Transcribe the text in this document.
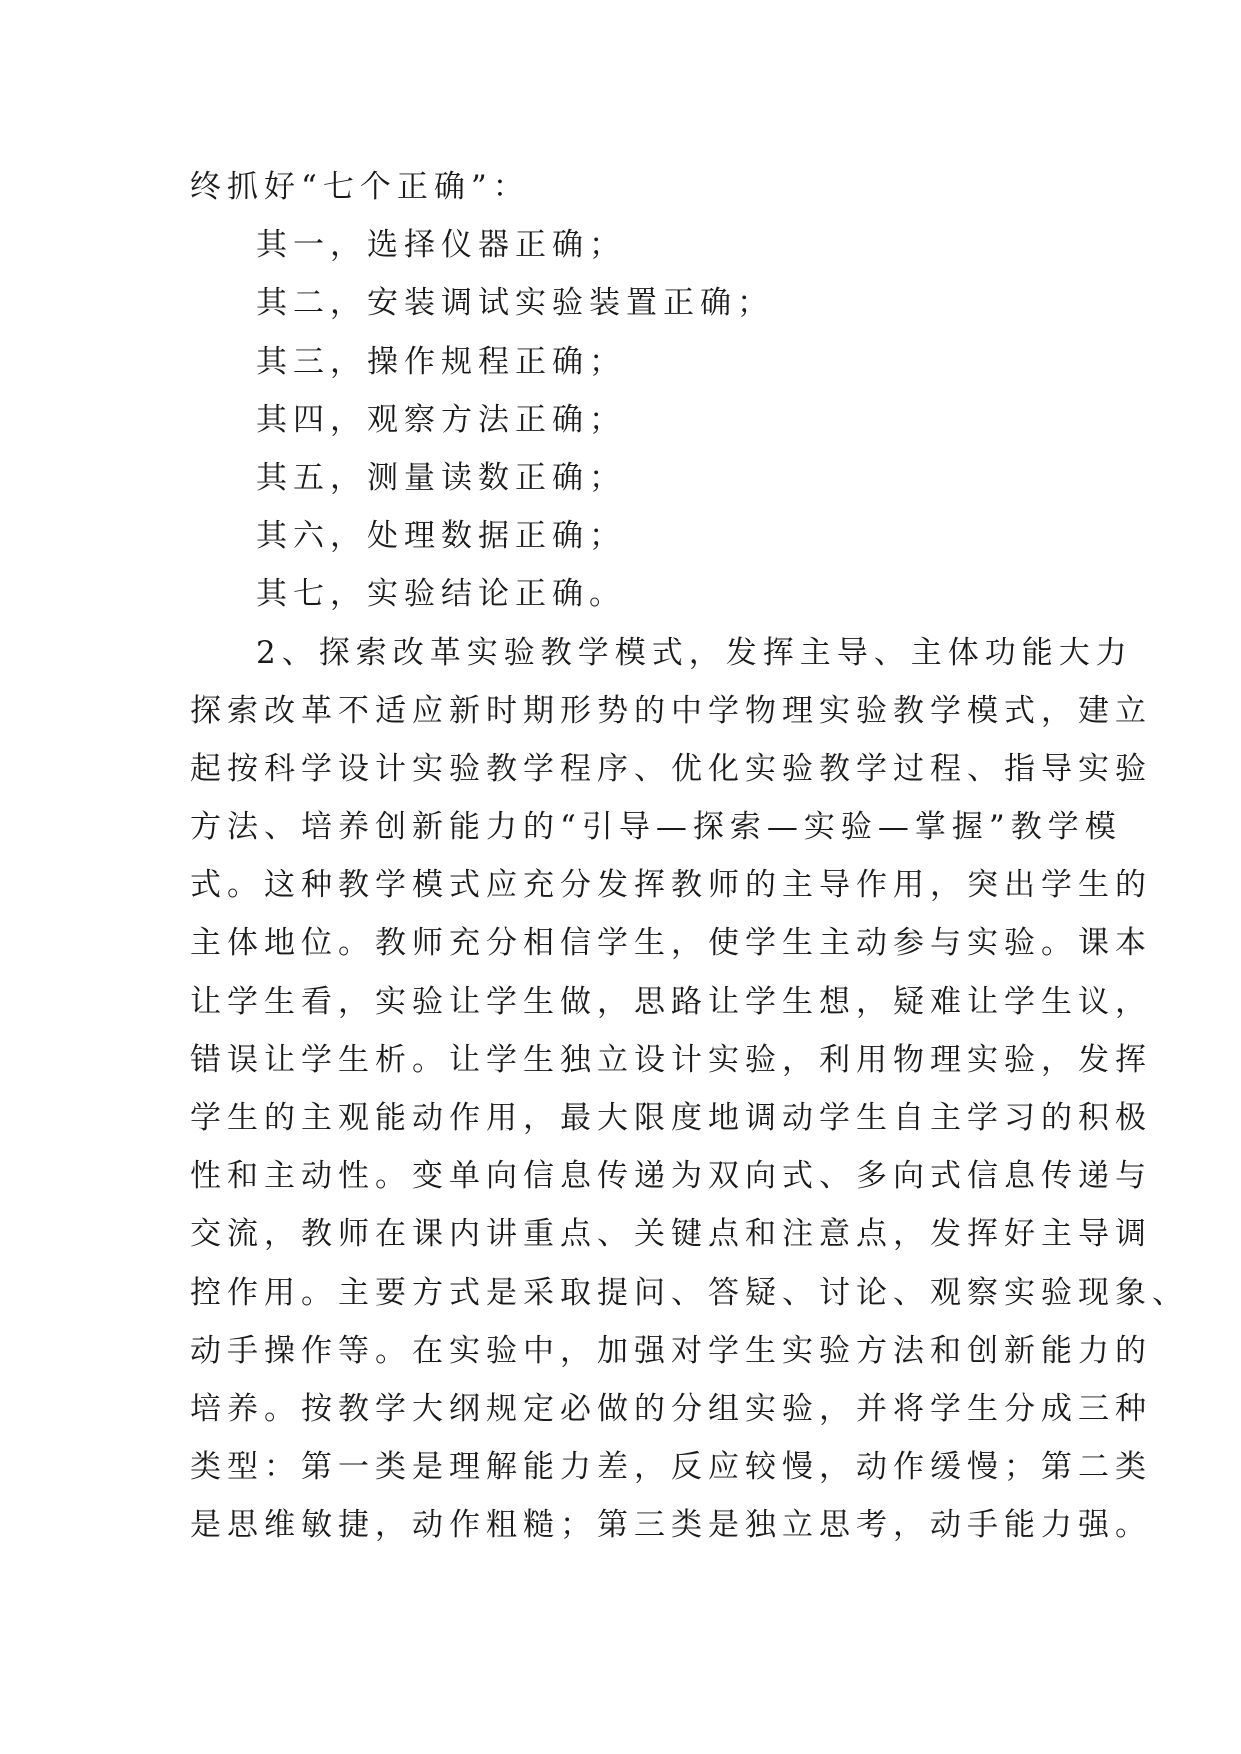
终抓好“七个正确”：
其一，选择仪器正确；
其二，安装调试实验装置正确；
其三，操作规程正确；
其四，观察方法正确；
其五，测量读数正确；
其六，处理数据正确；
其七，实验结论正确。
2、探索改革实验教学模式，发挥主导、主体功能大力
探索改革不适应新时期形势的中学物理实验教学模式，建立
起按科学设计实验教学程序、优化实验教学过程、指导实验
方法、培养创新能力的“引导—探索—实验—掌握”教学模
式。这种教学模式应充分发挥教师的主导作用，突出学生的
主体地位。教师充分相信学生，使学生主动参与实验。课本
让学生看，实验让学生做，思路让学生想，疑难让学生议，
错误让学生析。让学生独立设计实验，利用物理实验，发挥
学生的主观能动作用，最大限度地调动学生自主学习的积极
性和主动性。变单向信息传递为双向式、多向式信息传递与
交流，教师在课内讲重点、关键点和注意点，发挥好主导调
控作用。主要方式是采取提问、答疑、讨论、观察实验现象、
动手操作等。在实验中，加强对学生实验方法和创新能力的
培养。按教学大纲规定必做的分组实验，并将学生分成三种
类型：第一类是理解能力差，反应较慢，动作缓慢；第二类
是思维敏捷，动作粗糙；第三类是独立思考，动手能力强。
